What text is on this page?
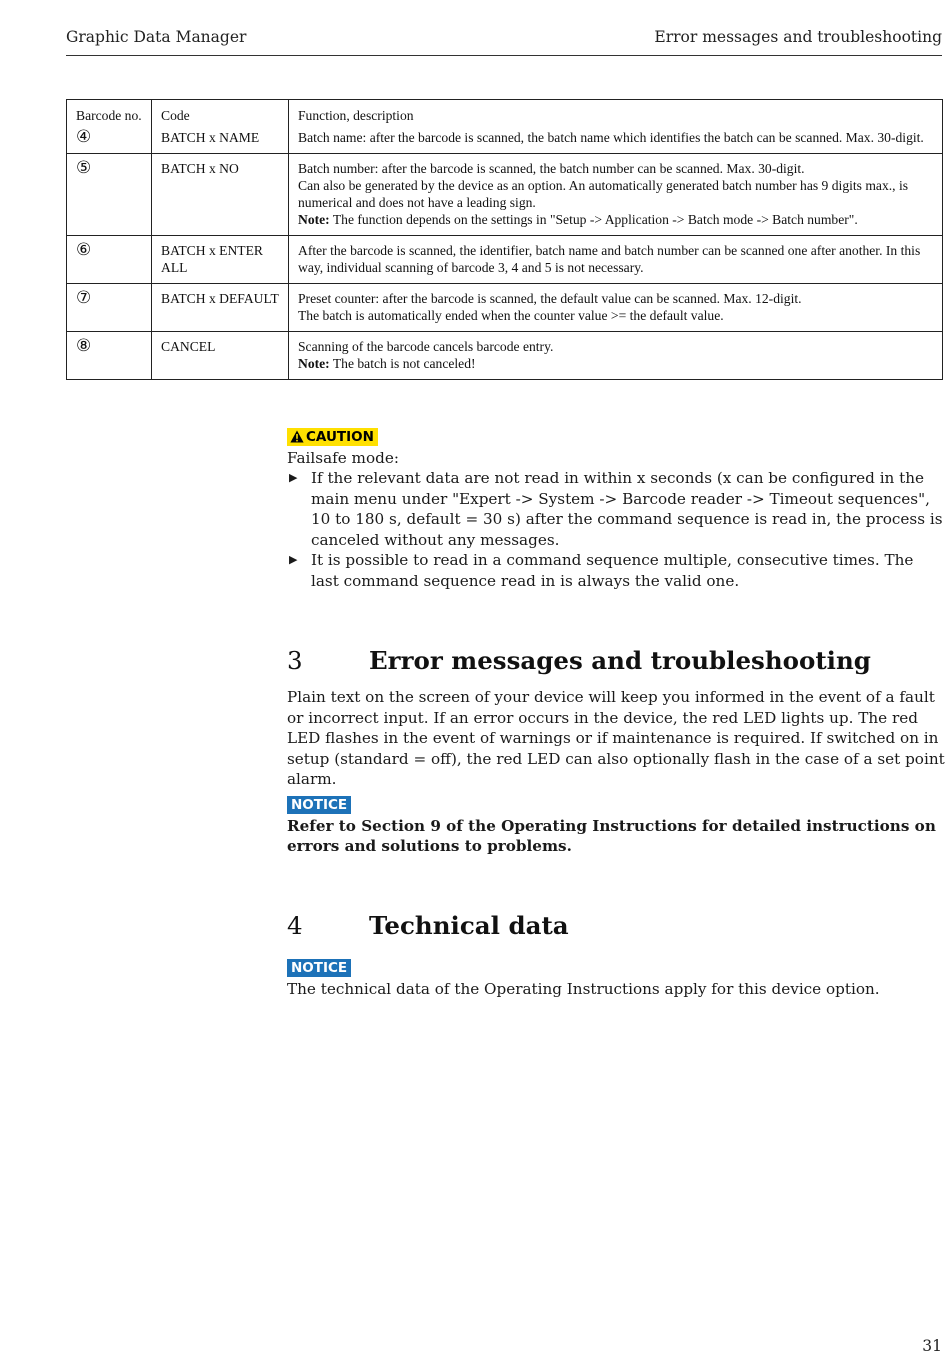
Graphic Data Manager	Error messages and troubleshooting
Barcode no.	Code	Function, description
④	BATCH x NAME	Batch name: after the barcode is scanned, the batch name which identifies the batch can be scanned. Max. 30-digit.

⑤	BATCH x NO	Batch number: after the barcode is scanned, the batch number can be scanned. Max. 30-digit.
Can also be generated by the device as an option. An automatically generated batch number has 9 digits max., is numerical and does not have a leading sign.
Note: The function depends on the settings in "Setup -> Application -> Batch mode -> Batch number".

⑥	BATCH x ENTER ALL	After the barcode is scanned, the identifier, batch name and batch number can be scanned one after another. In this way, individual scanning of barcode 3, 4 and 5 is not necessary.

⑦	BATCH x DEFAULT	Preset counter: after the barcode is scanned, the default value can be scanned. Max. 12-digit.
The batch is automatically ended when the counter value >= the default value.

⑧	CANCEL	Scanning of the barcode cancels barcode entry.
Note: The batch is not canceled!
CAUTION
Failsafe mode:
▶ If the relevant data are not read in within x seconds (x can be configured in the main menu under "Expert -> System -> Barcode reader -> Timeout sequences", 10 to 180 s, default = 30 s) after the command sequence is read in, the process is canceled without any messages.
▶ It is possible to read in a command sequence multiple, consecutive times. The last command sequence read in is always the valid one.
3	Error messages and troubleshooting
Plain text on the screen of your device will keep you informed in the event of a fault or incorrect input. If an error occurs in the device, the red LED lights up. The red LED flashes in the event of warnings or if maintenance is required. If switched on in setup (standard = off), the red LED can also optionally flash in the case of a set point alarm.
NOTICE
Refer to Section 9 of the Operating Instructions for detailed instructions on errors and solutions to problems.
4	Technical data
NOTICE
The technical data of the Operating Instructions apply for this device option.
31
